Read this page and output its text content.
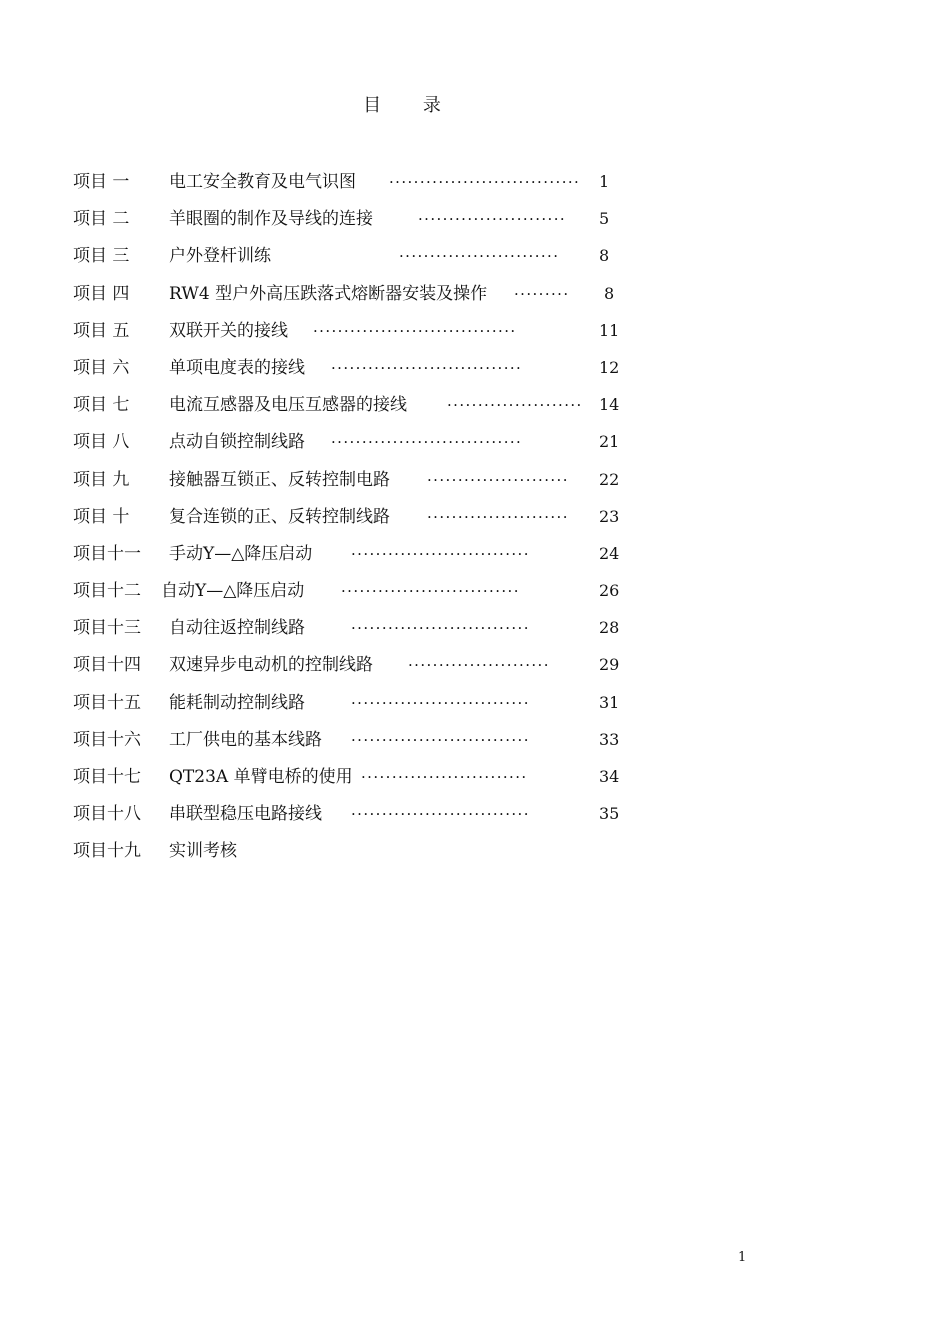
目 录
项目 一 电工安全教育及电气识图 ······························· 1
项目 二 羊眼圈的制作及导线的连接	························ 5
项目 三 户外登杆训练	·························· 8
项目 四 RW4 型户外高压跌落式熔断器安装及操作 ········· 8
项目 五 双联开关的接线 ·································	11
项目 六 单项电度表的接线 ·······························	12
项目 七 电流互感器及电压互感器的接线	······················ 14
项目 八 点动自锁控制线路 ·······························	21
项目 九 接触器互锁正、反转控制电路 ······················· 22
项目 十 复合连锁的正、反转控制线路 ······················· 23
项目十一 手动Y—△降压启动	·····························	24
项目十二 自动Y—△降压启动 ·····························	26
项目十三 自动往返控制线路	·····························	28
项目十四 双速异步电动机的控制线路 ·······················	29
项目十五 能耗制动控制线路	·····························	31
项目十六 工厂供电的基本线路 ·····························	33
项目十七 QT23A 单臂电桥的使用 ···························	34
项目十八 串联型稳压电路接线 ·····························	35
项目十九 实训考核
1
